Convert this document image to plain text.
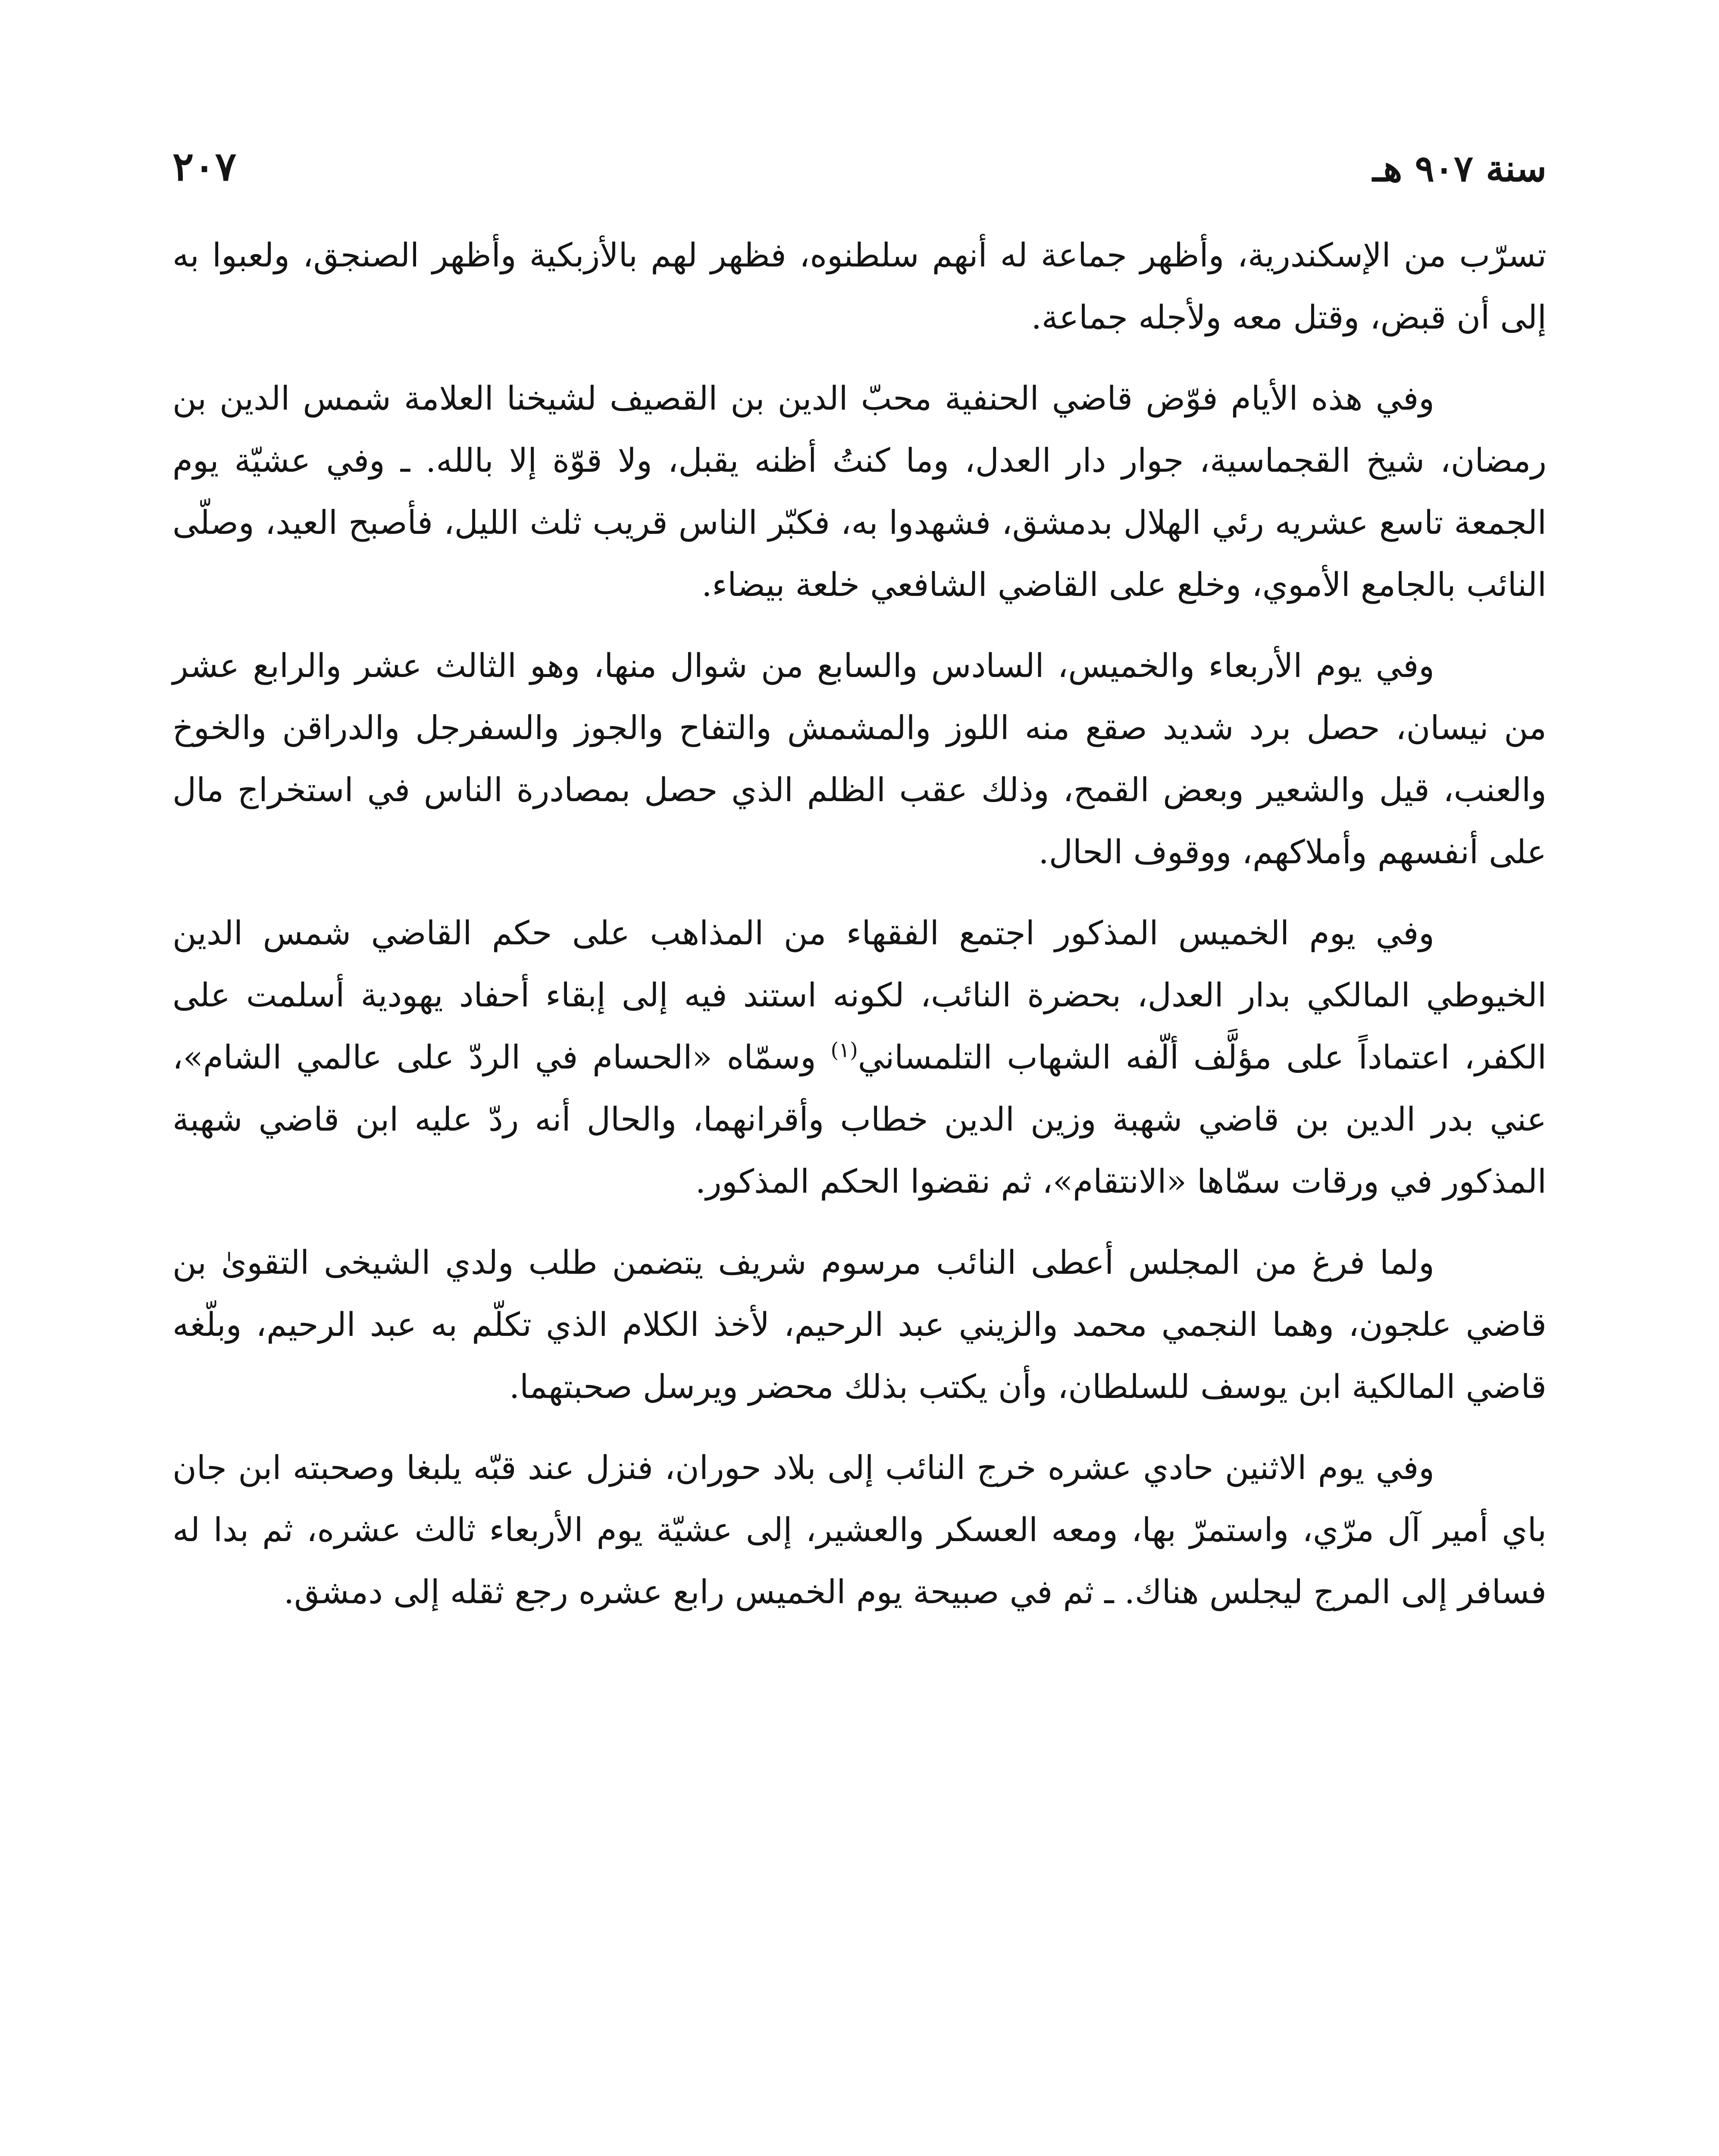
سنة ٩٠٧ هـ
٢٠٧

تسرّب من الإسكندرية، وأظهر جماعة له أنهم سلطنوه، فظهر لهم بالأزبكية وأظهر الصنجق، ولعبوا به إلى أن قبض، وقتل معه ولأجله جماعة.

وفي هذه الأيام فوّض قاضي الحنفية محبّ الدين بن القصيف لشيخنا العلامة شمس الدين بن رمضان، شيخ القجماسية، جوار دار العدل، وما كنتُ أظنه يقبل، ولا قوّة إلا بالله. ـ وفي عشيّة يوم الجمعة تاسع عشريه رئي الهلال بدمشق، فشهدوا به، فكبّر الناس قريب ثلث الليل، فأصبح العيد، وصلّى النائب بالجامع الأموي، وخلع على القاضي الشافعي خلعة بيضاء.

وفي يوم الأربعاء والخميس، السادس والسابع من شوال منها، وهو الثالث عشر والرابع عشر من نيسان، حصل برد شديد صقع منه اللوز والمشمش والتفاح والجوز والسفرجل والدراقن والخوخ والعنب، قيل والشعير وبعض القمح، وذلك عقب الظلم الذي حصل بمصادرة الناس في استخراج مال على أنفسهم وأملاكهم، ووقوف الحال.

وفي يوم الخميس المذكور اجتمع الفقهاء من المذاهب على حكم القاضي شمس الدين الخيوطي المالكي بدار العدل، بحضرة النائب، لكونه استند فيه إلى إبقاء أحفاد يهودية أسلمت على الكفر، اعتماداً على مؤلَّف ألّفه الشهاب التلمساني$^{(١)}$ وسمّاه «الحسام في الردّ على عالمي الشام»، عني بدر الدين بن قاضي شهبة وزين الدين خطاب وأقرانهما، والحال أنه ردّ عليه ابن قاضي شهبة المذكور في ورقات سمّاها «الانتقام»، ثم نقضوا الحكم المذكور.

ولما فرغ من المجلس أعطى النائب مرسوم شريف يتضمن طلب ولدي الشيخى التقوىٰ بن قاضي علجون، وهما النجمي محمد والزيني عبد الرحيم، لأخذ الكلام الذي تكلّم به عبد الرحيم، وبلّغه قاضي المالكية ابن يوسف للسلطان، وأن يكتب بذلك محضر ويرسل صحبتهما.

وفي يوم الاثنين حادي عشره خرج النائب إلى بلاد حوران، فنزل عند قبّه يلبغا وصحبته ابن جان باي أمير آل مرّي، واستمرّ بها، ومعه العسكر والعشير، إلى عشيّة يوم الأربعاء ثالث عشره، ثم بدا له فسافر إلى المرج ليجلس هناك. ـ ثم في صبيحة يوم الخميس رابع عشره رجع ثقله إلى دمشق.
